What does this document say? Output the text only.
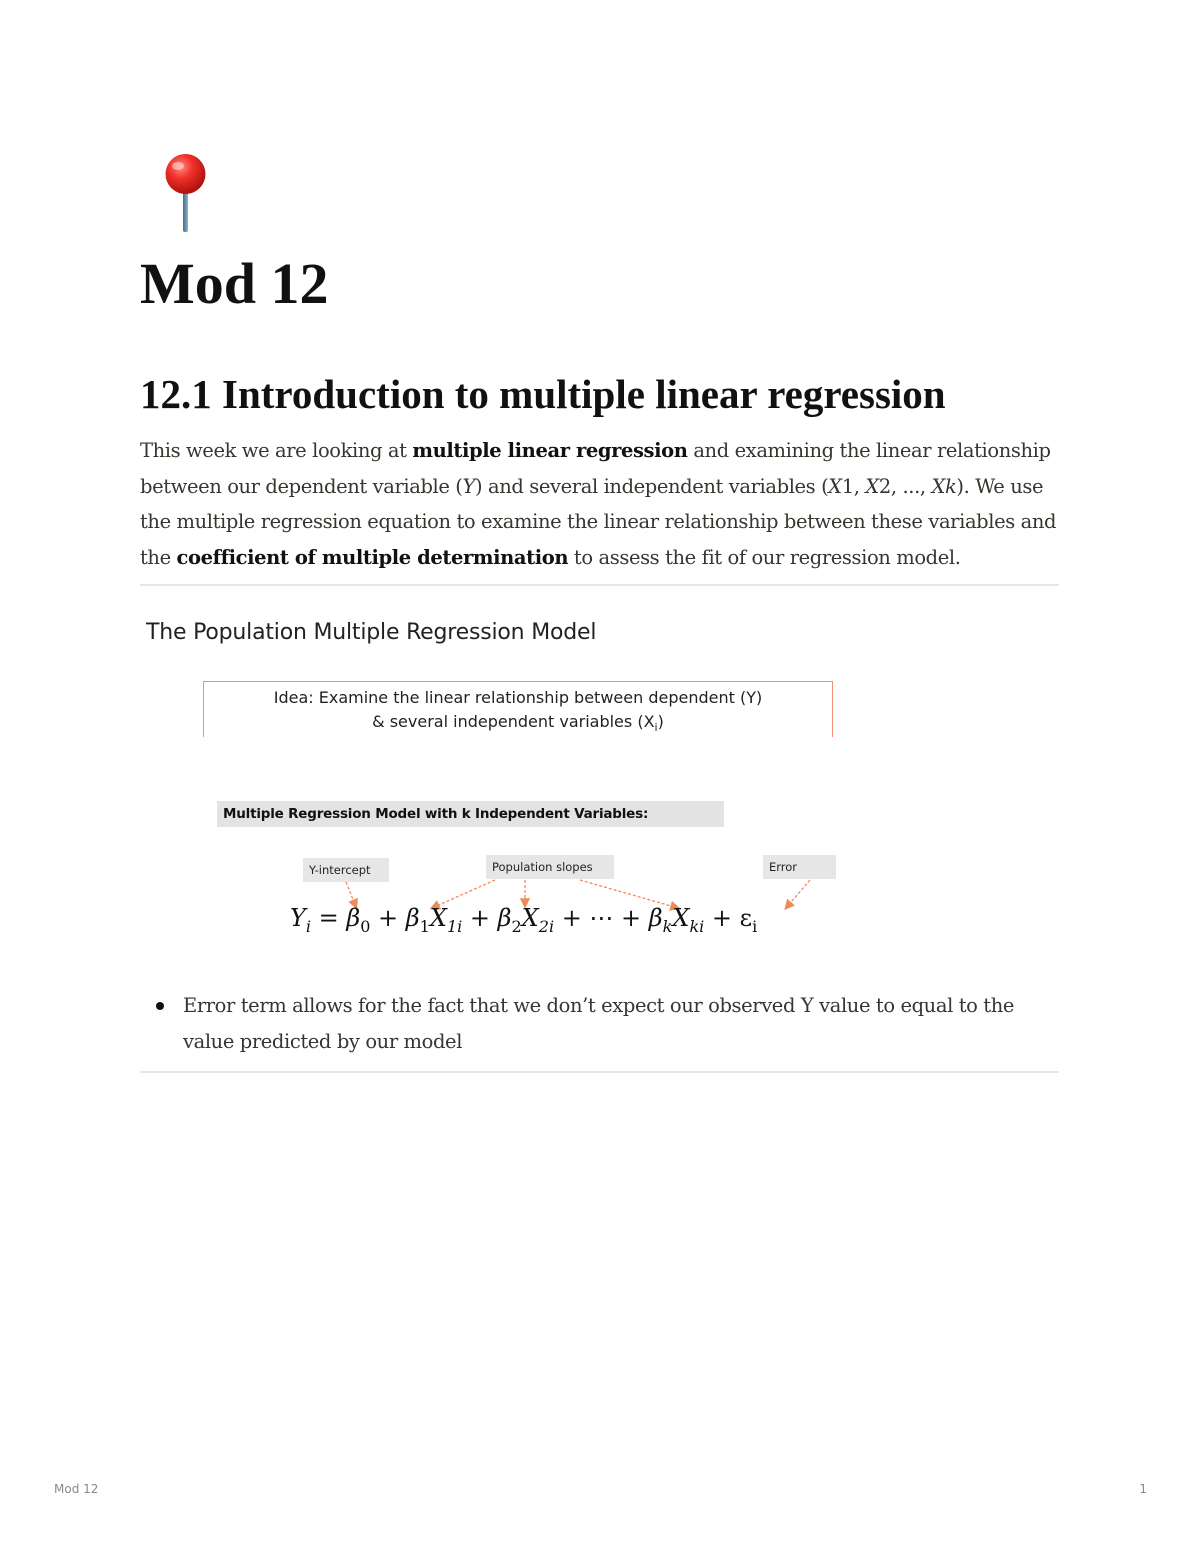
Mod 12
12.1 Introduction to multiple linear regression

This week we are looking at multiple linear regression and examining the linear relationship between our dependent variable (Y) and several independent variables (X1, X2, ..., Xk). We use the multiple regression equation to examine the linear relationship between these variables and the coefficient of multiple determination to assess the fit of our regression model.

The Population Multiple Regression Model
Idea: Examine the linear relationship between dependent (Y)
& several independent variables $(X_i)$
Multiple Regression Model with k Independent Variables:
Y-intercept	Population slopes	Error
$Y_i = \beta_0 + \beta_1X_{1i} + \beta_2X_{2i}$ + ⋯ + $\beta_kX_{ki} + \varepsilon_i$
Error term allows for the fact that we don’t expect our observed Y value to equal to the value predicted by our model
Mod 12	1
